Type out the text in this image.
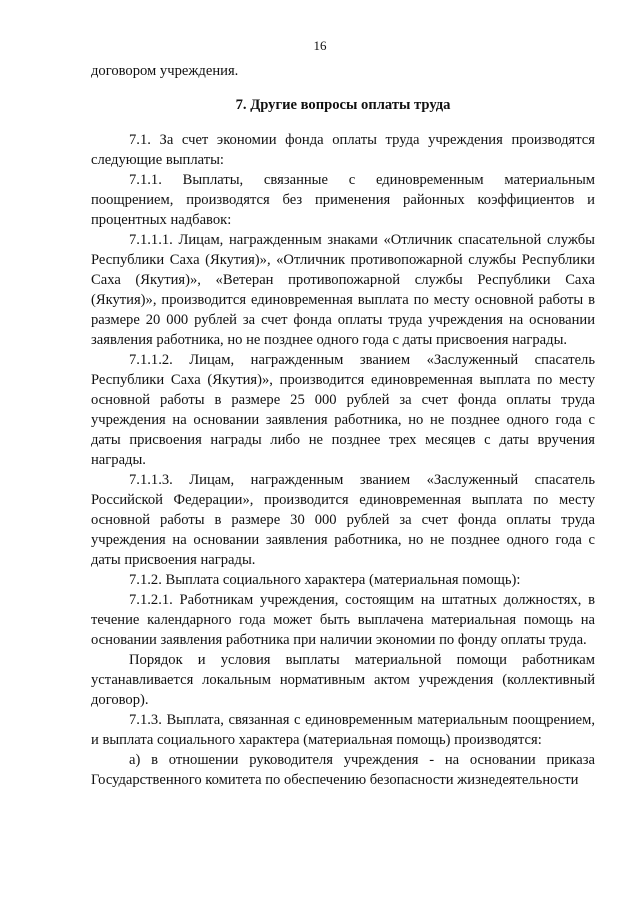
16

договором учреждения.

7. Другие вопросы оплаты труда

7.1. За счет экономии фонда оплаты труда учреждения производятся следующие выплаты:

7.1.1. Выплаты, связанные с единовременным материальным поощрением, производятся без применения районных коэффициентов и процентных надбавок:

7.1.1.1. Лицам, награжденным знаками «Отличник спасательной службы Республики Саха (Якутия)», «Отличник противопожарной службы Республики Саха (Якутия)», «Ветеран противопожарной службы Республики Саха (Якутия)», производится единовременная выплата по месту основной работы в размере 20 000 рублей за счет фонда оплаты труда учреждения на основании заявления работника, но не позднее одного года с даты присвоения награды.

7.1.1.2. Лицам, награжденным званием «Заслуженный спасатель Республики Саха (Якутия)», производится единовременная выплата по месту основной работы в размере 25 000 рублей за счет фонда оплаты труда учреждения на основании заявления работника, но не позднее одного года с даты присвоения награды либо не позднее трех месяцев с даты вручения награды.

7.1.1.3. Лицам, награжденным званием «Заслуженный спасатель Российской Федерации», производится единовременная выплата по месту основной работы в размере 30 000 рублей за счет фонда оплаты труда учреждения на основании заявления работника, но не позднее одного года с даты присвоения награды.

7.1.2. Выплата социального характера (материальная помощь):

7.1.2.1. Работникам учреждения, состоящим на штатных должностях, в течение календарного года может быть выплачена материальная помощь на основании заявления работника при наличии экономии по фонду оплаты труда.

Порядок и условия выплаты материальной помощи работникам устанавливается локальным нормативным актом учреждения (коллективный договор).

7.1.3. Выплата, связанная с единовременным материальным поощрением, и выплата социального характера (материальная помощь) производятся:

а) в отношении руководителя учреждения - на основании приказа Государственного комитета по обеспечению безопасности жизнедеятельности
